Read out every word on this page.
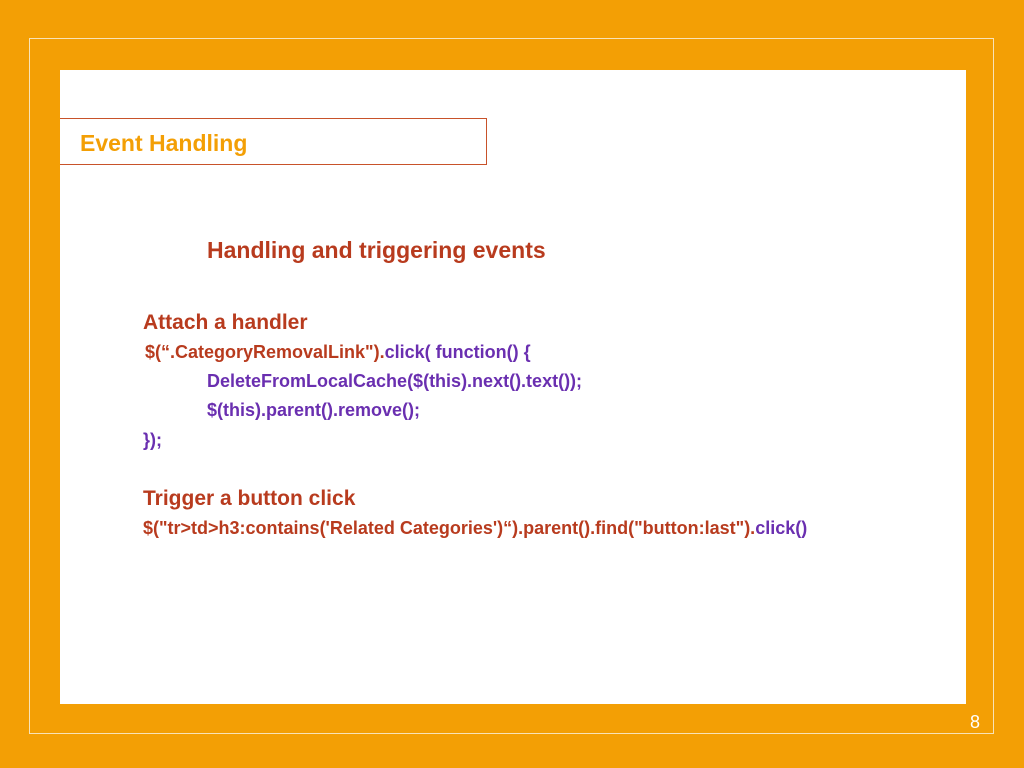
Event Handling
Handling and triggering events
Attach a handler
$(“.CategoryRemovalLink").click( function() {
DeleteFromLocalCache($(this).next().text());
$(this).parent().remove();
});
Trigger a button click
$("tr>td>h3:contains('Related Categories')“).parent().find("button:last").click()
8
